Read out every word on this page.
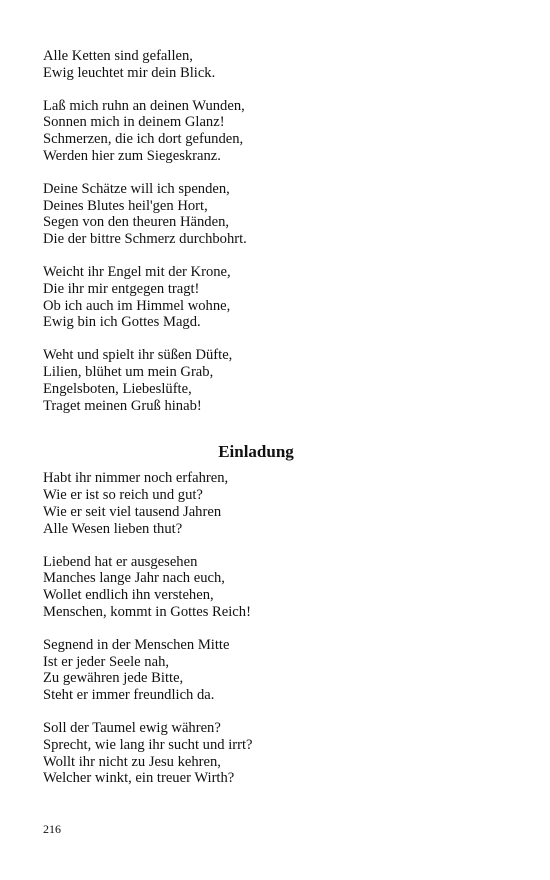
Alle Ketten sind gefallen,
Ewig leuchtet mir dein Blick.
Laß mich ruhn an deinen Wunden,
Sonnen mich in deinem Glanz!
Schmerzen, die ich dort gefunden,
Werden hier zum Siegeskranz.
Deine Schätze will ich spenden,
Deines Blutes heil'gen Hort,
Segen von den theuren Händen,
Die der bittre Schmerz durchbohrt.
Weicht ihr Engel mit der Krone,
Die ihr mir entgegen tragt!
Ob ich auch im Himmel wohne,
Ewig bin ich Gottes Magd.
Weht und spielt ihr süßen Düfte,
Lilien, blühet um mein Grab,
Engelsboten, Liebeslüfte,
Traget meinen Gruß hinab!
Einladung
Habt ihr nimmer noch erfahren,
Wie er ist so reich und gut?
Wie er seit viel tausend Jahren
Alle Wesen lieben thut?
Liebend hat er ausgesehen
Manches lange Jahr nach euch,
Wollet endlich ihn verstehen,
Menschen, kommt in Gottes Reich!
Segnend in der Menschen Mitte
Ist er jeder Seele nah,
Zu gewähren jede Bitte,
Steht er immer freundlich da.
Soll der Taumel ewig währen?
Sprecht, wie lang ihr sucht und irrt?
Wollt ihr nicht zu Jesu kehren,
Welcher winkt, ein treuer Wirth?
216
